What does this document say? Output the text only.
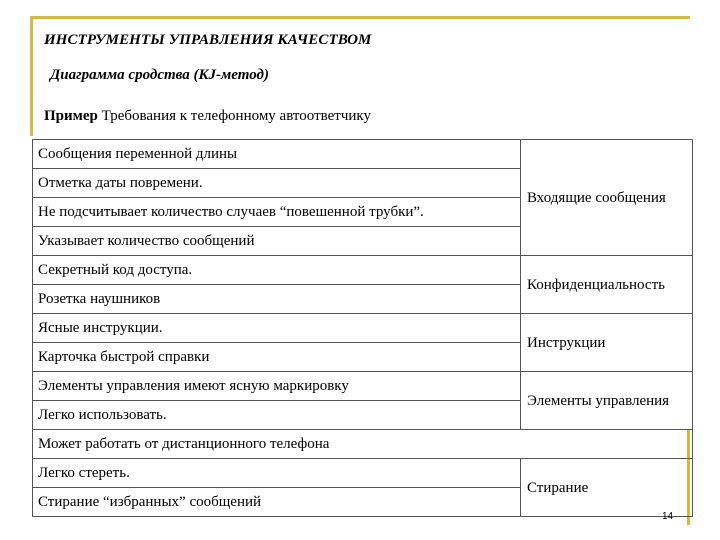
ИНСТРУМЕНТЫ УПРАВЛЕНИЯ КАЧЕСТВОМ
Диаграмма сродства (KJ-метод)
Пример Требования к телефонному автоответчику
Сообщения переменной длины	Входящие сообщения
Отметка даты повремени.	
Не подсчитывает количество случаев “повешенной трубки”.	
Указывает количество сообщений	
Секретный код доступа.	Конфиденциальность
Розетка наушников	
Ясные инструкции.	Инструкции
Карточка быстрой справки	
Элементы управления имеют ясную маркировку	Элементы управления
Легко использовать.	
Может работать от дистанционного телефона	
Легко стереть.	Стирание
Стирание “избранных” сообщений	
14
